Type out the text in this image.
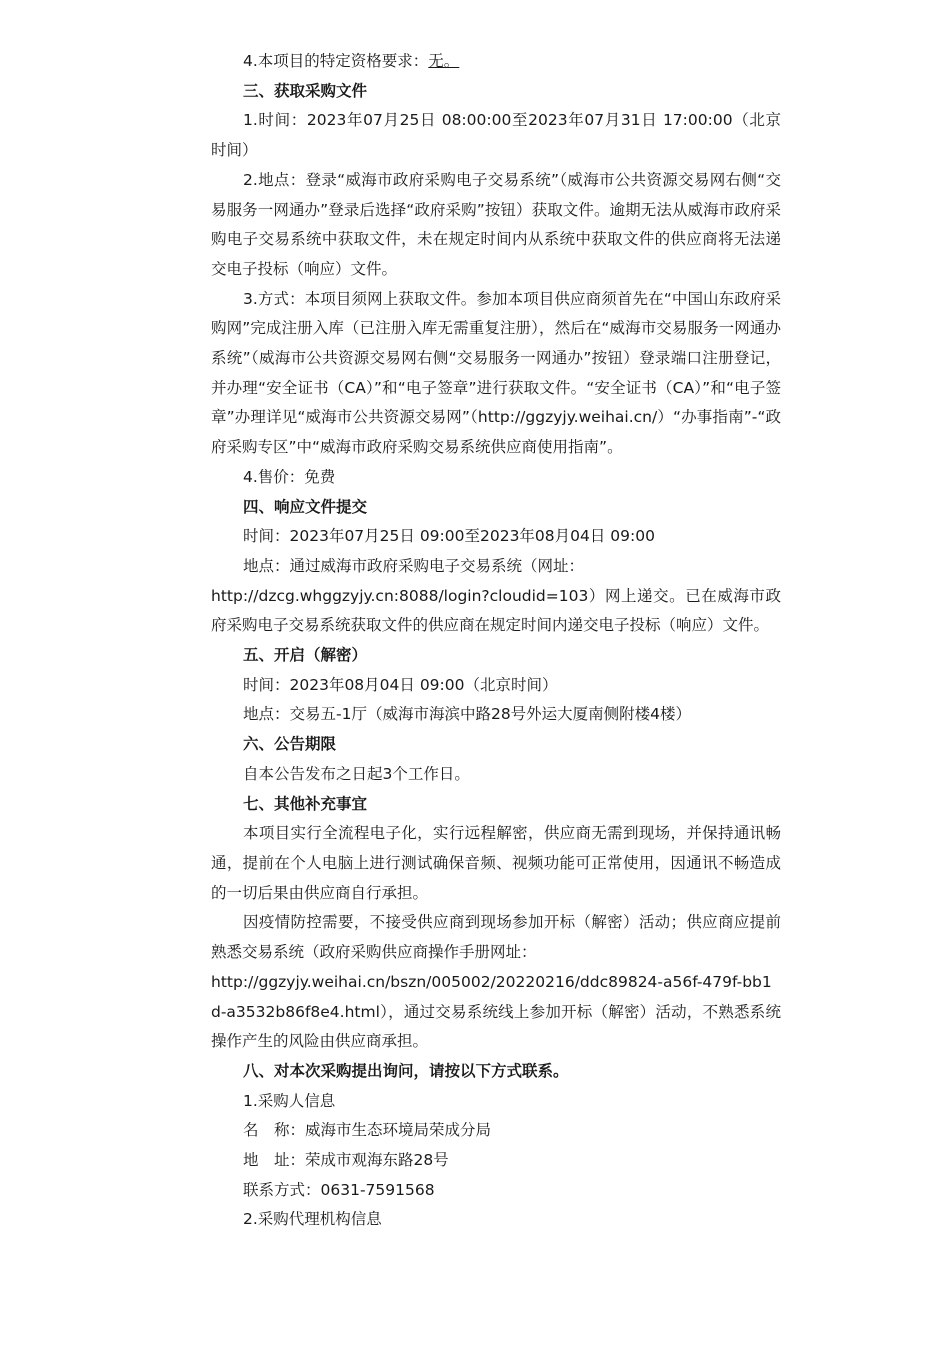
4.本项目的特定资格要求：无。

三、获取采购文件

1.时间：2023年07月25日 08:00:00至2023年07月31日 17:00:00（北京时间）

2.地点：登录“威海市政府采购电子交易系统”（威海市公共资源交易网右侧“交易服务一网通办”登录后选择“政府采购”按钮）获取文件。逾期无法从威海市政府采购电子交易系统中获取文件，未在规定时间内从系统中获取文件的供应商将无法递交电子投标（响应）文件。

3.方式：本项目须网上获取文件。参加本项目供应商须首先在“中国山东政府采购网”完成注册入库（已注册入库无需重复注册），然后在“威海市交易服务一网通办系统”（威海市公共资源交易网右侧“交易服务一网通办”按钮）登录端口注册登记，并办理“安全证书（CA）”和“电子签章”进行获取文件。“安全证书（CA）”和“电子签章”办理详见“威海市公共资源交易网”（http://ggzyjy.weihai.cn/）“办事指南”-“政府采购专区”中“威海市政府采购交易系统供应商使用指南”。

4.售价：免费

四、响应文件提交

时间：2023年07月25日 09:00至2023年08月04日 09:00

地点：通过威海市政府采购电子交易系统（网址：
http://dzcg.whggzyjy.cn:8088/login?cloudid=103）网上递交。已在威海市政府采购电子交易系统获取文件的供应商在规定时间内递交电子投标（响应）文件。

五、开启（解密）

时间：2023年08月04日 09:00（北京时间）

地点：交易五-1厅（威海市海滨中路28号外运大厦南侧附楼4楼）

六、公告期限

自本公告发布之日起3个工作日。

七、其他补充事宜

本项目实行全流程电子化，实行远程解密，供应商无需到现场，并保持通讯畅通，提前在个人电脑上进行测试确保音频、视频功能可正常使用，因通讯不畅造成的一切后果由供应商自行承担。

因疫情防控需要，不接受供应商到现场参加开标（解密）活动；供应商应提前熟悉交易系统（政府采购供应商操作手册网址：
http://ggzyjy.weihai.cn/bszn/005002/20220216/ddc89824-a56f-479f-bb1d-a3532b86f8e4.html），通过交易系统线上参加开标（解密）活动，不熟悉系统操作产生的风险由供应商承担。

八、对本次采购提出询问，请按以下方式联系。

1.采购人信息

名　称：威海市生态环境局荣成分局

地　址：荣成市观海东路28号

联系方式：0631-7591568

2.采购代理机构信息
